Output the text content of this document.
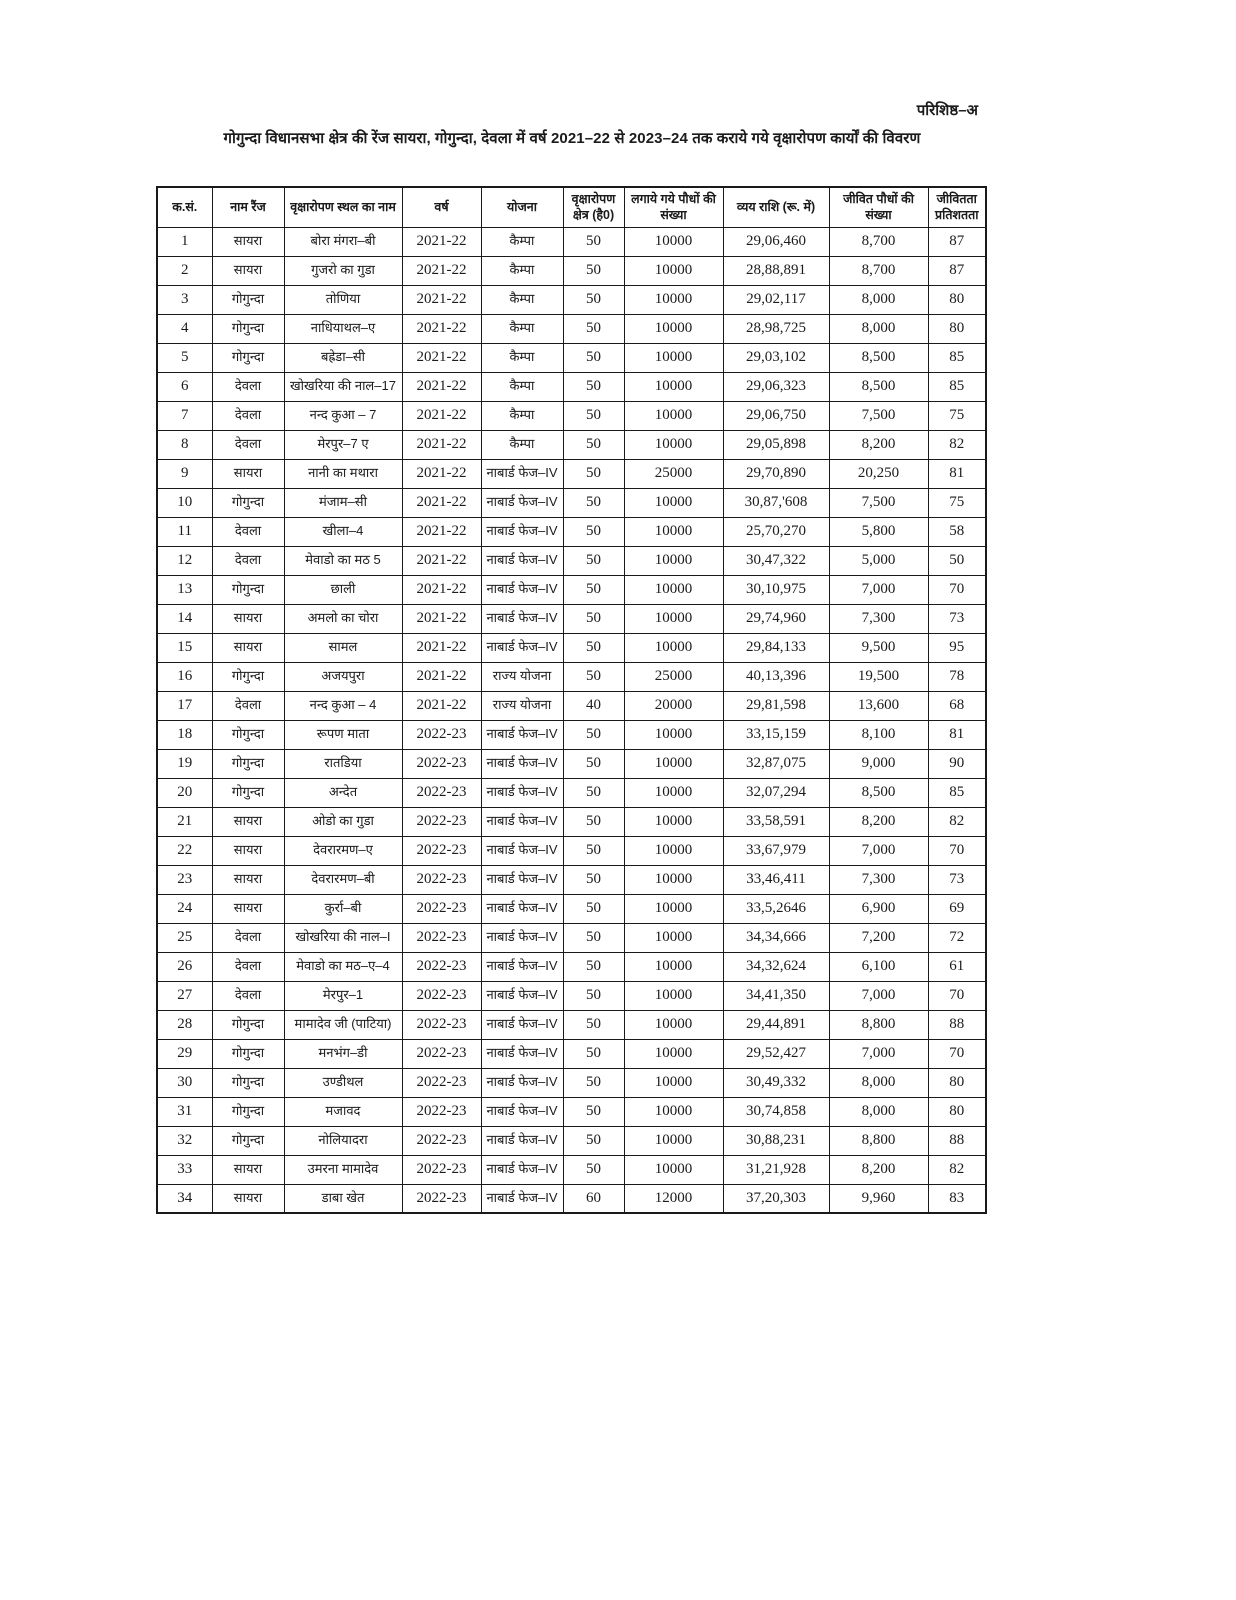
परिशिष्ठ–अ
गोगुन्दा विधानसभा क्षेत्र की रेंज सायरा, गोगुन्दा, देवला में वर्ष 2021–22 से 2023–24 तक कराये गये वृक्षारोपण कार्यों की विवरण
क.सं.	नाम रैंज	वृक्षारोपण स्थल का नाम	वर्ष	योजना	वृक्षारोपण क्षेत्र (है0)	लगाये गये पौधों की संख्या	व्यय राशि (रू. में)	जीवित पौधों की संख्या	जीवितता प्रतिशतता
1	सायरा	बोरा मंगरा–बी	2021-22	कैम्पा	50	10000	29,06,460	8,700	87
2	सायरा	गुजरो का गुडा	2021-22	कैम्पा	50	10000	28,88,891	8,700	87
3	गोगुन्दा	तोणिया	2021-22	कैम्पा	50	10000	29,02,117	8,000	80
4	गोगुन्दा	नाधियाथल–ए	2021-22	कैम्पा	50	10000	28,98,725	8,000	80
5	गोगुन्दा	बह्रेडा–सी	2021-22	कैम्पा	50	10000	29,03,102	8,500	85
6	देवला	खोखरिया की नाल–17	2021-22	कैम्पा	50	10000	29,06,323	8,500	85
7	देवला	नन्द कुआ – 7	2021-22	कैम्पा	50	10000	29,06,750	7,500	75
8	देवला	मेरपुर–7 ए	2021-22	कैम्पा	50	10000	29,05,898	8,200	82
9	सायरा	नानी का मथारा	2021-22	नाबार्ड फेज–IV	50	25000	29,70,890	20,250	81
10	गोगुन्दा	मंजाम–सी	2021-22	नाबार्ड फेज–IV	50	10000	30,87,'608	7,500	75
11	देवला	खीला–4	2021-22	नाबार्ड फेज–IV	50	10000	25,70,270	5,800	58
12	देवला	मेवाडो का मठ 5	2021-22	नाबार्ड फेज–IV	50	10000	30,47,322	5,000	50
13	गोगुन्दा	छाली	2021-22	नाबार्ड फेज–IV	50	10000	30,10,975	7,000	70
14	सायरा	अमलो का चोरा	2021-22	नाबार्ड फेज–IV	50	10000	29,74,960	7,300	73
15	सायरा	सामल	2021-22	नाबार्ड फेज–IV	50	10000	29,84,133	9,500	95
16	गोगुन्दा	अजयपुरा	2021-22	राज्य योजना	50	25000	40,13,396	19,500	78
17	देवला	नन्द कुआ – 4	2021-22	राज्य योजना	40	20000	29,81,598	13,600	68
18	गोगुन्दा	रूपण माता	2022-23	नाबार्ड फेज–IV	50	10000	33,15,159	8,100	81
19	गोगुन्दा	रातडिया	2022-23	नाबार्ड फेज–IV	50	10000	32,87,075	9,000	90
20	गोगुन्दा	अन्देत	2022-23	नाबार्ड फेज–IV	50	10000	32,07,294	8,500	85
21	सायरा	ओडो का गुडा	2022-23	नाबार्ड फेज–IV	50	10000	33,58,591	8,200	82
22	सायरा	देवरारमण–ए	2022-23	नाबार्ड फेज–IV	50	10000	33,67,979	7,000	70
23	सायरा	देवरारमण–बी	2022-23	नाबार्ड फेज–IV	50	10000	33,46,411	7,300	73
24	सायरा	कुर्रा–बी	2022-23	नाबार्ड फेज–IV	50	10000	33,5,2646	6,900	69
25	देवला	खोखरिया की नाल–I	2022-23	नाबार्ड फेज–IV	50	10000	34,34,666	7,200	72
26	देवला	मेवाडो का मठ–ए–4	2022-23	नाबार्ड फेज–IV	50	10000	34,32,624	6,100	61
27	देवला	मेरपुर–1	2022-23	नाबार्ड फेज–IV	50	10000	34,41,350	7,000	70
28	गोगुन्दा	मामादेव जी (पाटिया)	2022-23	नाबार्ड फेज–IV	50	10000	29,44,891	8,800	88
29	गोगुन्दा	मनभंग–डी	2022-23	नाबार्ड फेज–IV	50	10000	29,52,427	7,000	70
30	गोगुन्दा	उण्डीथल	2022-23	नाबार्ड फेज–IV	50	10000	30,49,332	8,000	80
31	गोगुन्दा	मजावद	2022-23	नाबार्ड फेज–IV	50	10000	30,74,858	8,000	80
32	गोगुन्दा	नोलियादरा	2022-23	नाबार्ड फेज–IV	50	10000	30,88,231	8,800	88
33	सायरा	उमरना मामादेव	2022-23	नाबार्ड फेज–IV	50	10000	31,21,928	8,200	82
34	सायरा	डाबा खेत	2022-23	नाबार्ड फेज–IV	60	12000	37,20,303	9,960	83
